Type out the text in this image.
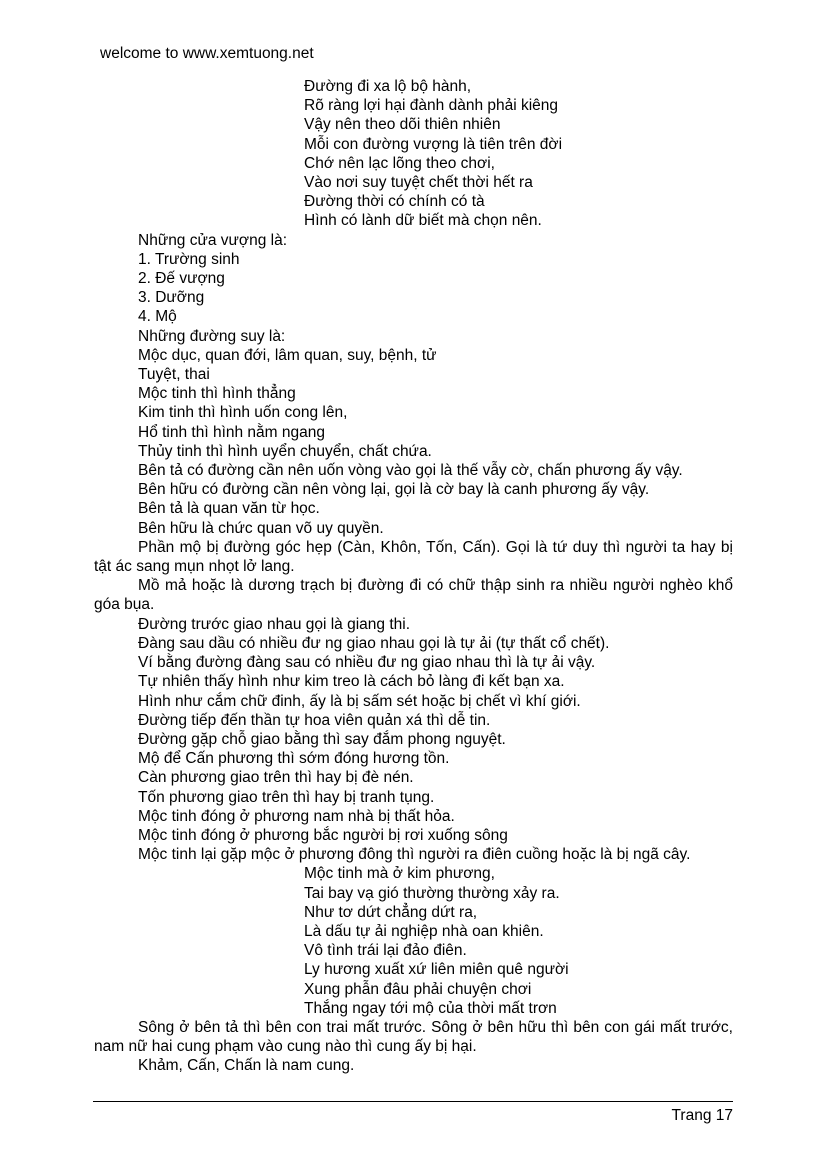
welcome to www.xemtuong.net
Đường đi xa lộ bộ hành,
Rõ ràng lợi hại đành dành phải kiêng
Vậy nên theo dõi thiên nhiên
Mỗi con đường vượng là tiên trên đời
Chớ nên lạc lõng theo chơi,
Vào nơi suy tuyệt chết thời hết ra
Đường thời có chính có tà
Hình có lành dữ biết mà chọn nên.
Những cửa vượng là:
1. Trường sinh
2. Đế vượng
3. Dưỡng
4. Mộ
Những đường suy là:
Mộc dục, quan đới, lâm quan, suy, bệnh, tử
Tuyệt, thai
Mộc tinh thì hình thẳng
Kim tinh thì hình uốn cong lên,
Hổ tinh thì hình nằm ngang
Thủy tinh thì hình uyển chuyển, chất chứa.
Bên tả có đường cần nên uốn vòng vào gọi là thế vẫy cờ, chấn phương ấy vậy.
Bên hữu có đường cần nên vòng lại, gọi là cờ bay là canh phương ấy vậy.
Bên tả là quan văn từ học.
Bên hữu là chức quan võ uy quyền.
Phần mộ bị đường góc hẹp (Càn, Khôn, Tốn, Cấn). Gọi là tứ duy thì người ta hay bị tật ác sang mụn nhọt lở lang.
Mồ mả hoặc là dương trạch bị đường đi có chữ thập sinh ra nhiều người nghèo khổ góa bụa.
Đường trước giao nhau gọi là giang thi.
Đàng sau dầu có nhiều đư ng giao nhau gọi là tự ải (tự thất cổ chết).
Ví bằng đường đàng sau có nhiều đư ng giao nhau thì là tự ải vậy.
Tự nhiên thấy hình như kim treo là cách bỏ làng đi kết bạn xa.
Hình như cắm chữ đinh, ấy là bị sấm sét hoặc bị chết vì khí giới.
Đường tiếp đến thần tự hoa viên quản xá thì dễ tin.
Đường gặp chỗ giao bằng thì say đắm phong nguyệt.
Mộ để Cấn phương thì sớm đóng hương tồn.
Càn phương giao trên thì hay bị đè nén.
Tốn phương giao trên thì hay bị tranh tụng.
Mộc tinh đóng ở phương nam nhà bị thất hỏa.
Mộc tinh đóng ở phương bắc người bị rơi xuống sông
Mộc tinh lại gặp mộc ở phương đông thì người ra điên cuồng hoặc là bị ngã cây.
Mộc tinh mà ở kim phương,
Tai bay vạ gió thường thường xảy ra.
Như tơ dứt chẳng dứt ra,
Là dấu tự ải nghiệp nhà oan khiên.
Vô tình trái lại đảo điên.
Ly hương xuất xứ liên miên quê người
Xung phẫn đâu phải chuyện chơi
Thắng ngay tới mộ của thời mất trơn
Sông ở bên tả thì bên con trai mất trước. Sông ở bên hữu thì bên con gái mất trước, nam nữ hai cung phạm vào cung nào thì cung ấy bị hại.
Khảm, Cấn, Chấn là nam cung.
Trang 17
